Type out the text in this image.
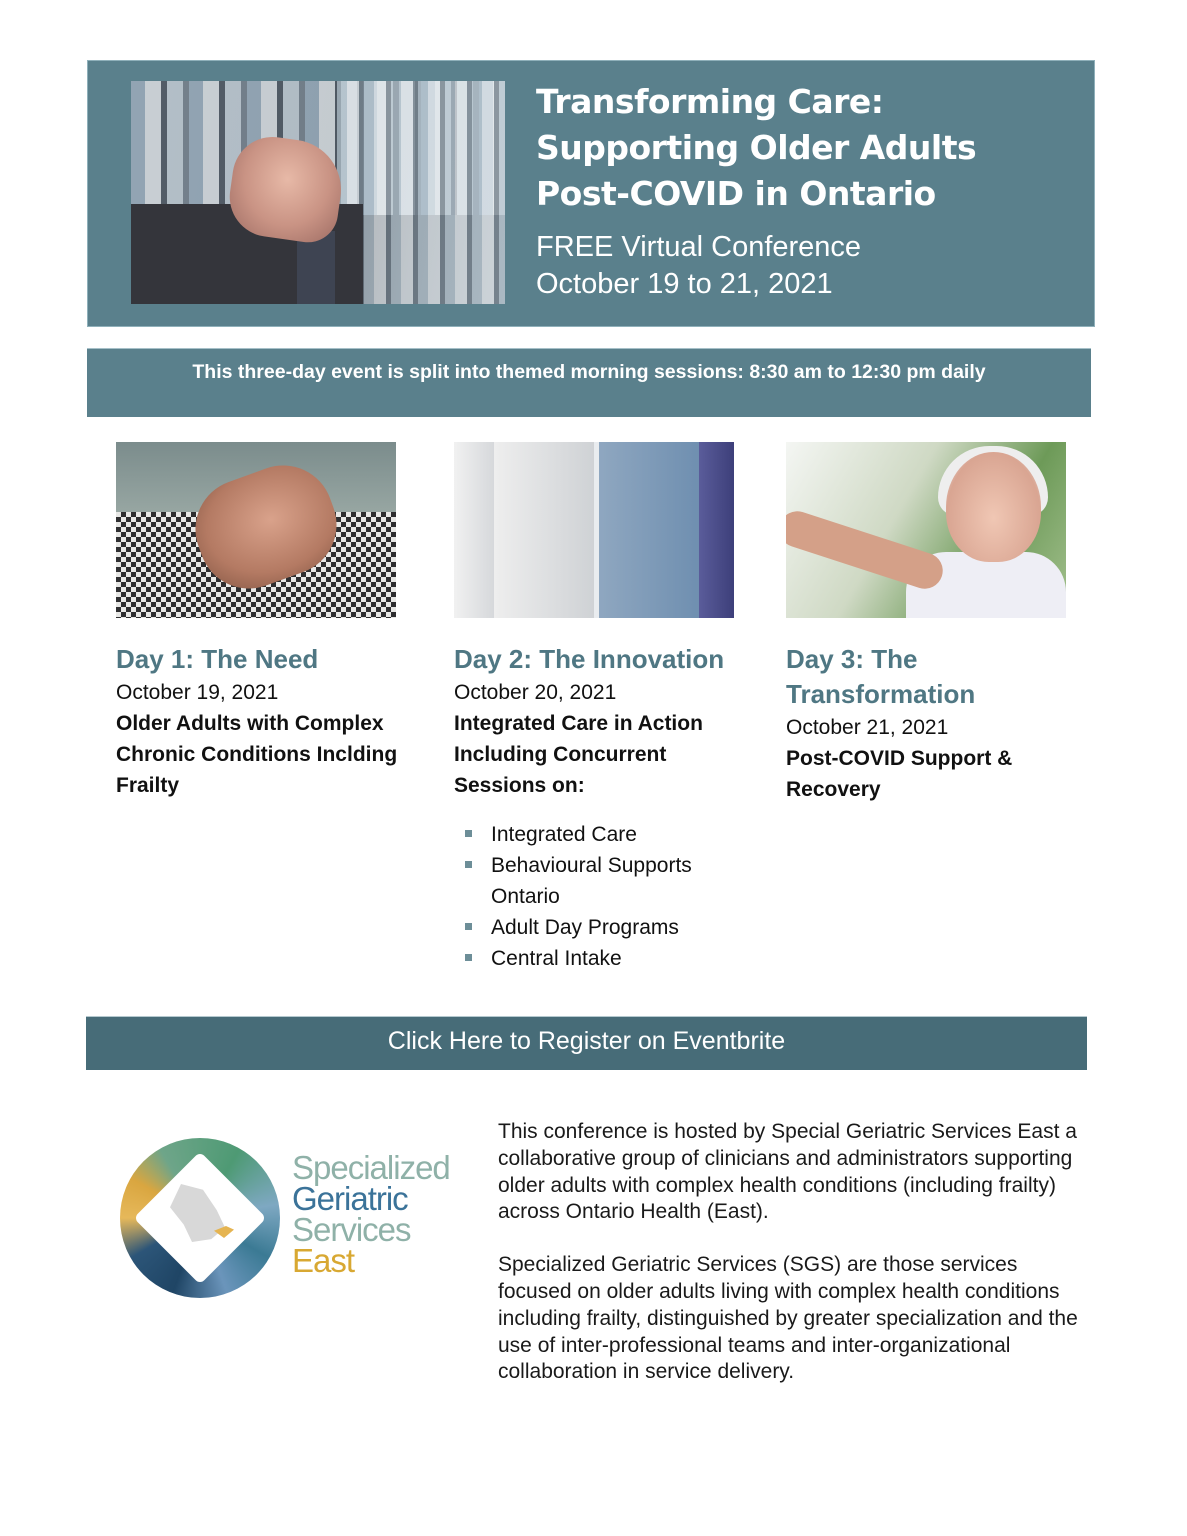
Transforming Care:
Supporting Older Adults
Post-COVID in Ontario
FREE Virtual Conference
October 19 to 21, 2021
This three-day event is split into themed morning sessions: 8:30 am to 12:30 pm daily
Day 1: The Need
October 19, 2021
Older Adults with Complex Chronic Conditions Inclding Frailty
Day 2: The Innovation
October 20, 2021
Integrated Care in Action Including Concurrent Sessions on:
Integrated Care
Behavioural Supports Ontario
Adult Day Programs
Central Intake
Day 3: The Transformation
October 21, 2021
Post-COVID Support & Recovery
Click Here to Register on Eventbrite
Specialized
Geriatric
Services
East

This conference is hosted by Special Geriatric Services East a collaborative group of clinicians and administrators supporting older adults with complex health conditions (including frailty) across Ontario Health (East).

Specialized Geriatric Services (SGS) are those services focused on older adults living with complex health conditions including frailty, distinguished by greater specialization and the use of inter-professional teams and inter-organizational collaboration in service delivery.
